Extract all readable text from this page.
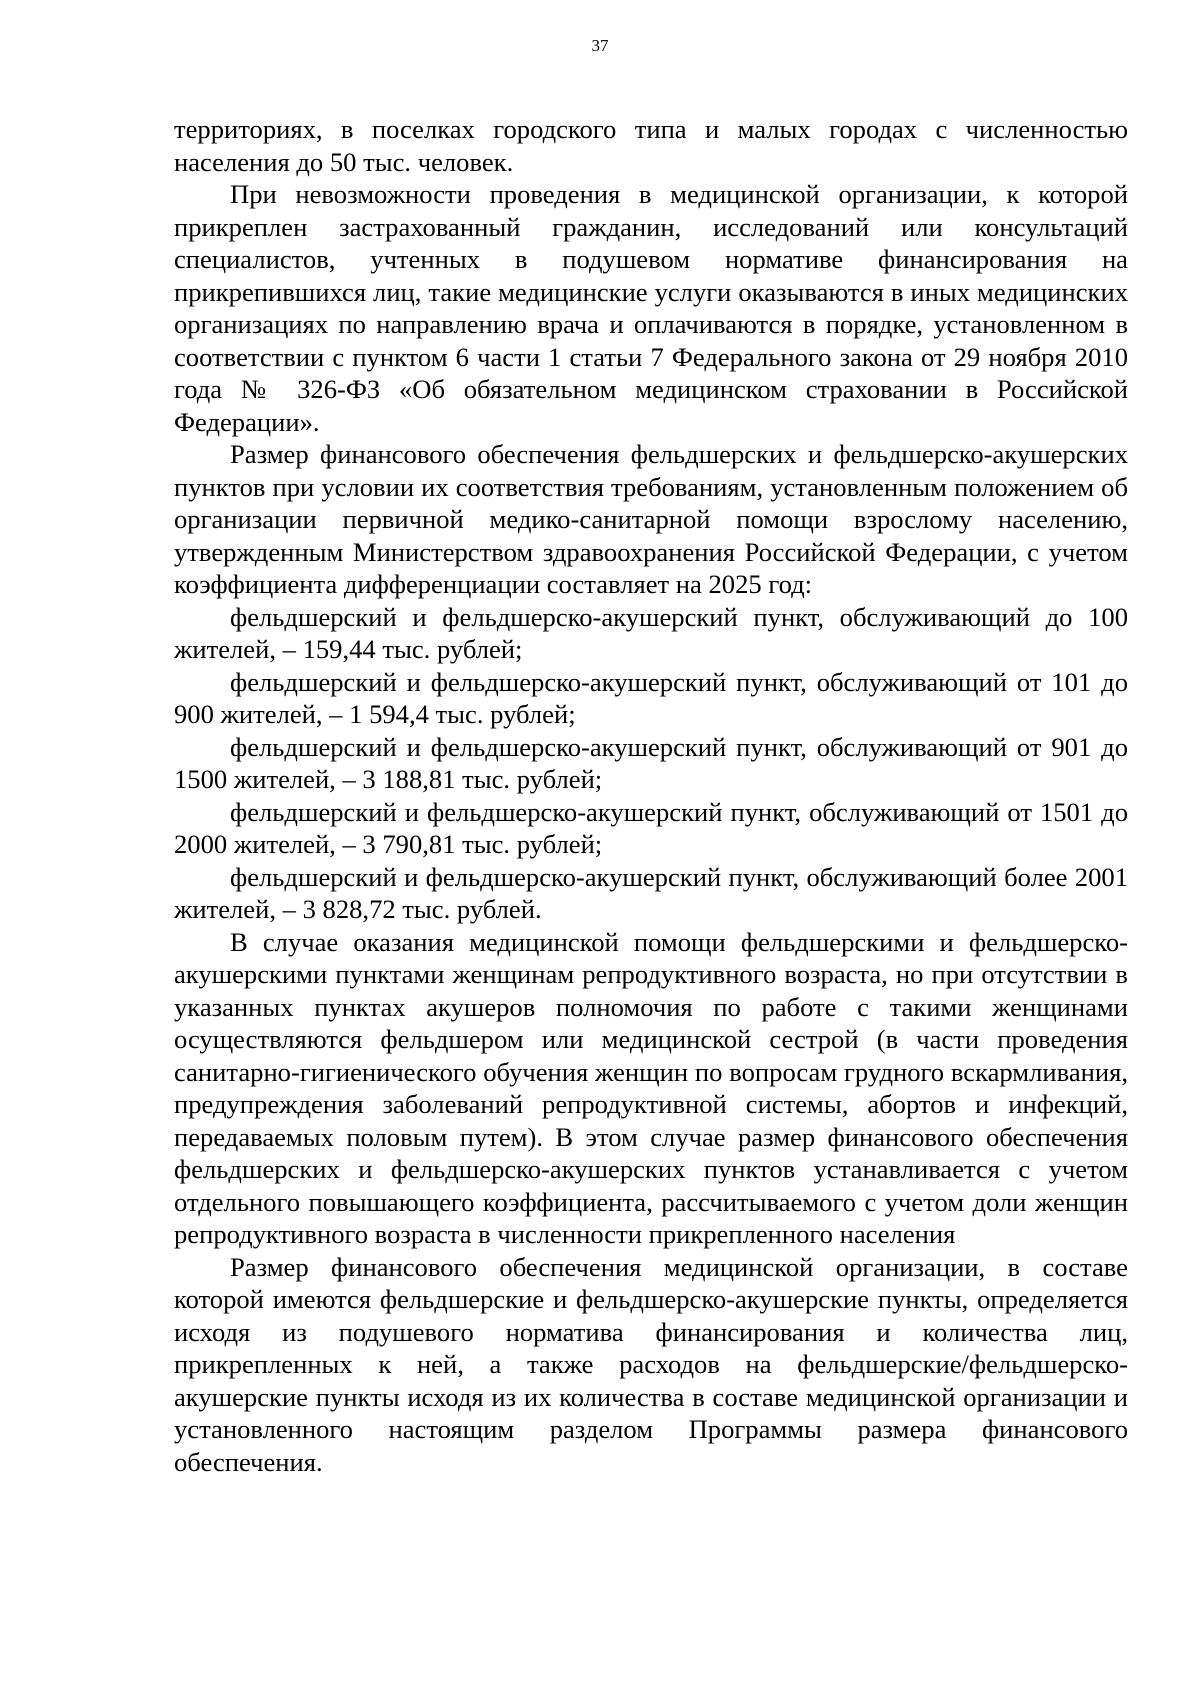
37

территориях, в поселках городского типа и малых городах с численностью населения до 50 тыс. человек.

При невозможности проведения в медицинской организации, к которой прикреплен застрахованный гражданин, исследований или консультаций специалистов, учтенных в подушевом нормативе финансирования на прикрепившихся лиц, такие медицинские услуги оказываются в иных медицинских организациях по направлению врача и оплачиваются в порядке, установленном в соответствии с пунктом 6 части 1 статьи 7 Федерального закона от 29 ноября 2010 года № 326-ФЗ «Об обязательном медицинском страховании в Российской Федерации».

Размер финансового обеспечения фельдшерских и фельдшерско-акушерских пунктов при условии их соответствия требованиям, установленным положением об организации первичной медико-санитарной помощи взрослому населению, утвержденным Министерством здравоохранения Российской Федерации, с учетом коэффициента дифференциации составляет на 2025 год:

фельдшерский и фельдшерско-акушерский пункт, обслуживающий до 100 жителей, – 159,44 тыс. рублей;

фельдшерский и фельдшерско-акушерский пункт, обслуживающий от 101 до 900 жителей, – 1 594,4 тыс. рублей;

фельдшерский и фельдшерско-акушерский пункт, обслуживающий от 901 до 1500 жителей, – 3 188,81 тыс. рублей;

фельдшерский и фельдшерско-акушерский пункт, обслуживающий от 1501 до 2000 жителей, – 3 790,81 тыс. рублей;

фельдшерский и фельдшерско-акушерский пункт, обслуживающий более 2001 жителей, – 3 828,72 тыс. рублей.

В случае оказания медицинской помощи фельдшерскими и фельдшерско-акушерскими пунктами женщинам репродуктивного возраста, но при отсутствии в указанных пунктах акушеров полномочия по работе с такими женщинами осуществляются фельдшером или медицинской сестрой (в части проведения санитарно-гигиенического обучения женщин по вопросам грудного вскармливания, предупреждения заболеваний репродуктивной системы, абортов и инфекций, передаваемых половым путем). В этом случае размер финансового обеспечения фельдшерских и фельдшерско-акушерских пунктов устанавливается с учетом отдельного повышающего коэффициента, рассчитываемого с учетом доли женщин репродуктивного возраста в численности прикрепленного населения

Размер финансового обеспечения медицинской организации, в составе которой имеются фельдшерские и фельдшерско-акушерские пункты, определяется исходя из подушевого норматива финансирования и количества лиц, прикрепленных к ней, а также расходов на фельдшерские/фельдшерско-акушерские пункты исходя из их количества в составе медицинской организации и установленного настоящим разделом Программы размера финансового обеспечения.
